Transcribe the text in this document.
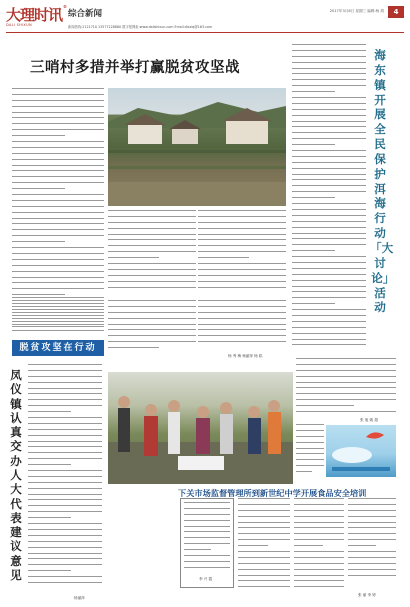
大理时讯®
综合新闻
DALI SHIXUN	新闻热线:2121710 13577228880 数字报网址:www.dalishixun.com Email:dlsxbj@163.com
2017年3月8日 星期三 编辑:杨 胡	4
三哨村多措并举打赢脱贫攻坚战
杨 秀 梅 杨丽萍 杨 崧
脱贫攻坚在行动
海东镇开展全民保护洱海行动「大讨论」活动
张 旭 姚 超
凤仪镇认真交办人大代表建议意见
杨丽萍
下关市场监督管理所到新世纪中学开展食品安全培训
李 兴 霞
张 丽 李 婷
